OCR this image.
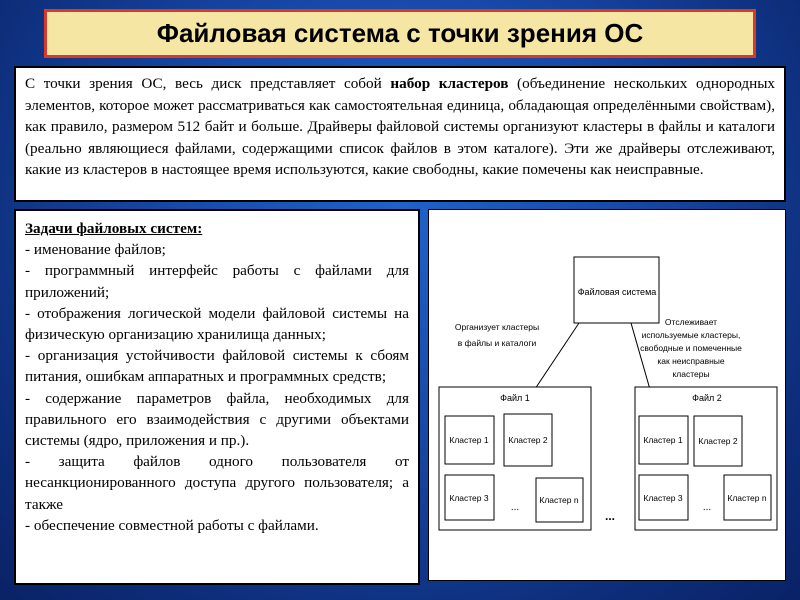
Файловая система с точки зрения ОС
С точки зрения ОС, весь диск представляет собой набор кластеров (объединение нескольких однородных элементов, которое может рассматриваться как самостоятельная единица, обладающая определёнными свойствам), как правило, размером 512 байт и больше. Драйверы файловой системы организуют кластеры в файлы и каталоги (реально являющиеся файлами, содержащими список файлов в этом каталоге). Эти же драйверы отслеживают, какие из кластеров в настоящее время используются, какие свободны, какие помечены как неисправные.

Задачи файловых систем:

- именование файлов;

- программный интерфейс работы с файлами для приложений;

- отображения логической модели файловой системы на физическую организацию хранилища данных;

- организация устойчивости файловой системы к сбоям питания, ошибкам аппаратных и программных средств;

- содержание параметров файла, необходимых для правильного его взаимодействия с другими объектами системы (ядро, приложения и пр.).

- защита файлов одного пользователя от несанкционированного доступа другого пользователя; а также

- обеспечение совместной работы с файлами.

Файловая система
Организует кластеры
в файлы и каталоги
Отслеживает
используемые кластеры,
свободные и помеченные
как неисправные
кластеры
Файл 1
Кластер 1 Кластер 2
Кластер 3
...
Кластер n
...
Файл 2
Кластер 1 Кластер 2
Кластер 3
...
Кластер n
